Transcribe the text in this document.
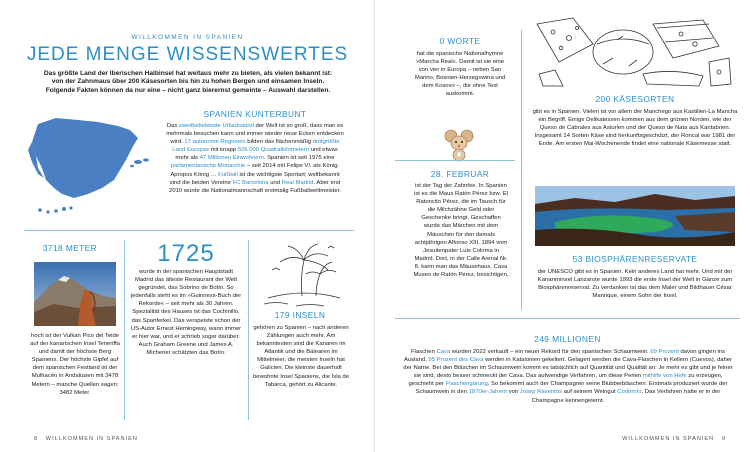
WILLKOMMEN IN SPANIEN
JEDE MENGE WISSENSWERTES

Das größte Land der Iberischen Halbinsel hat weitaus mehr zu bieten, als vielen bekannt ist: von der Zahnmaus über 200 Käsesorten bis hin zu hohen Bergen und einsamen Inseln. Folgende Fakten können da nur eine – nicht ganz bierernst gemeinte – Auswahl darstellen.

SPANIEN KUNTERBUNT

Das zweitbeliebteste Urlaubsland der Welt ist so groß, dass man es mehrmals besuchen kann und immer wieder neue Ecken entdecken wird. 17 autonome Regionen bilden das flächenmäßig drittgrößte Land Europas mit knapp 506 000 Quadratkilometern und etwas mehr als 47 Millionen Einwohnern. Spanien ist seit 1975 eine parlamentarische Monarchie – seit 2014 mit Felipe VI. als König. Apropos König … Fußball ist die wichtigste Sportart; weltbekannt sind die beiden Vereine FC Barcelona und Real Madrid. Aber erst 2010 wurde die Nationalmannschaft erstmalig Fußballweltmeister.

3718 METER

hoch ist der Vulkan Pico del Teide auf der kanarischen Insel Teneriffa und damit der höchste Berg Spaniens. Der höchste Gipfel auf dem spanischen Festland ist der Mulhacén in Andalusien mit 3478 Metern – manche Quellen sagen: 3482 Meter.

1725

wurde in der spanischen Hauptstadt Madrid das älteste Restaurant der Welt gegründet, das Sobrino de Botín. So jedenfalls steht es im »Guinness-Buch der Rekorde« – seit mehr als 30 Jahren. Spezialität des Hauses ist das Cochinillo, das Spanferkel. Das verspeiste schon der US-Autor Ernest Hemingway, wann immer er hier war, und er schrieb sogar darüber. Auch Graham Greene und James A. Michener schätzten das Botín.

179 INSELN

gehören zu Spanien – nach anderen Zählungen auch mehr. Am bekanntesten sind die Kanaren im Atlantik und die Balearen im Mittelmeer, die meisten Inseln hat Galicien. Die kleinste dauerhaft bewohnte Insel Spaniens, die Isla de Tabarca, gehört zu Alicante.

8 WILLKOMMEN IN SPANIEN
0 WORTE

hat die spanische Nationalhymne »Marcha Real«. Damit ist sie eine von vier in Europa – neben San Marino, Bosnien-Herzegowina und dem Kosovo –, die ohne Text auskommt.

28. FEBRUAR

ist der Tag der Zahnfee. In Spanien ist es die Maus Ratón Pérez bzw. El Ratoncito Pérez, die im Tausch für die Milchzähne Geld oder Geschenke bringt. Geschaffen wurde das Märchen mit dem Mäuschen für den damals achtjährigen Alfonso XIII, 1894 vom Jesuitenpater Luis Coloma in Madrid. Dort, in der Calle Arenal Nr. 8, kann man das Mäusehaus, Casa Museo de Ratón Pérez, besichtigen.

200 KÄSESORTEN

gibt es in Spanien. Vielen ist vor allem der Manchego aus Kastilien-La Mancha ein Begriff. Einige Delikatessen kommen aus dem grünen Norden, wie der Queso de Cabrales aus Asturien und der Queso de Nata aus Kantabrien. Insgesamt 14 Sorten Käse sind herkunftsgeschützt, der Roncal war 1981 der Erste. Am ersten Mai-Wochenende findet eine nationale Käsemesse statt.

53 BIOSPHÄRENRESERVATE

der UNESCO gibt es in Spanien. Kein anderes Land hat mehr. Und mit der Kanareninsel Lanzarote wurde 1993 die erste Insel der Welt in Gänze zum Biosphärenreservat. Zu verdanken ist das dem Maler und Bildhauer César Manrique, einem Sohn der Insel.

249 MILLIONEN

Flaschen Cava wurden 2022 verkauft – ein neuer Rekord für den spanischen Schaumwein. 69 Prozent davon gingen ins Ausland, 95 Prozent des Cava werden in Katalonien gekeltert. Gelagert werden die Cava-Flaschen in Kellern (Cuevos), daher der Name. Bei den Bläschen im Schaumwein kommt es tatsächlich auf Quantität und Qualität an: Je mehr es gibt und je feiner sie sind, desto besser schmeckt der Cava. Das aufwendige Verfahren, um diese Perlen mithilfe von Hefe zu erzeugen, geschieht per Flaschengärung. So bekommt auch der Champagner seine Blubberbläschen. Erstmals produziert wurde der Schaumwein in den 1870er-Jahren von Josep Raventós auf seinem Weingut Codorníu. Das Verfahren hatte er in der Champagne kennengelernt.

WILLKOMMEN IN SPANIEN 9
